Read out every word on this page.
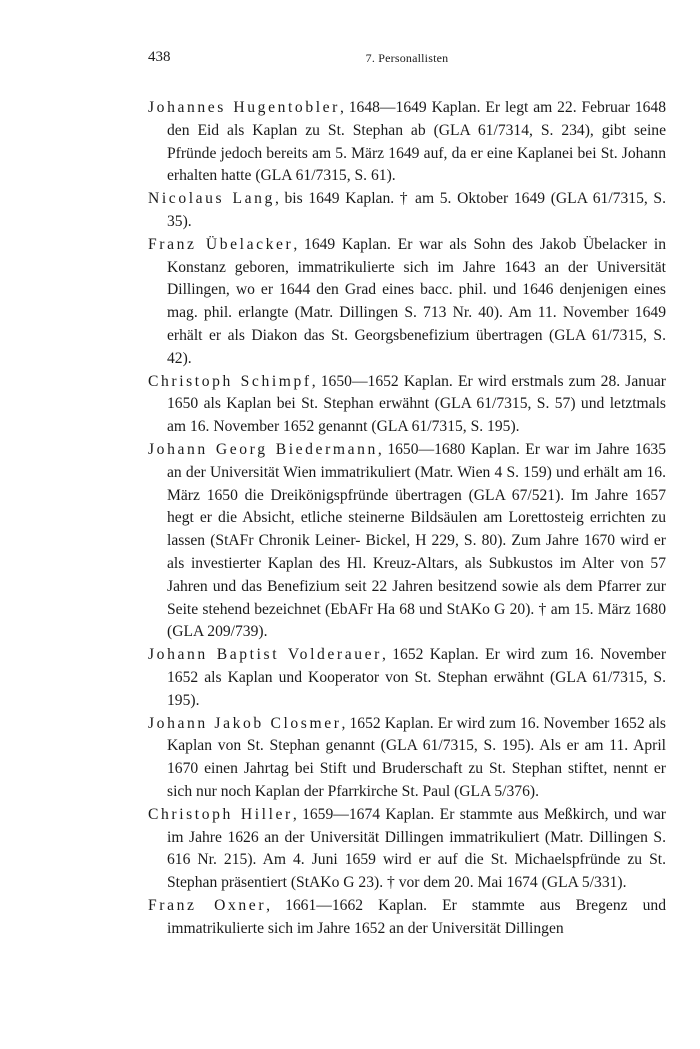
438	7. Personallisten

Johannes Hugentobler, 1648—1649 Kaplan. Er legt am 22. Februar 1648 den Eid als Kaplan zu St. Stephan ab (GLA 61/7314, S. 234), gibt seine Pfründe jedoch bereits am 5. März 1649 auf, da er eine Kaplanei bei St. Johann erhalten hatte (GLA 61/7315, S. 61).

Nicolaus Lang, bis 1649 Kaplan. † am 5. Oktober 1649 (GLA 61/7315, S. 35).

Franz Übelacker, 1649 Kaplan. Er war als Sohn des Jakob Übelacker in Konstanz geboren, immatrikulierte sich im Jahre 1643 an der Universität Dillingen, wo er 1644 den Grad eines bacc. phil. und 1646 denjenigen eines mag. phil. erlangte (Matr. Dillingen S. 713 Nr. 40). Am 11. November 1649 erhält er als Diakon das St. Georgsbenefizium übertragen (GLA 61/7315, S. 42).

Christoph Schimpf, 1650—1652 Kaplan. Er wird erstmals zum 28. Januar 1650 als Kaplan bei St. Stephan erwähnt (GLA 61/7315, S. 57) und letztmals am 16. November 1652 genannt (GLA 61/7315, S. 195).

Johann Georg Biedermann, 1650—1680 Kaplan. Er war im Jahre 1635 an der Universität Wien immatrikuliert (Matr. Wien 4 S. 159) und erhält am 16. März 1650 die Dreikönigspfründe übertragen (GLA 67/521). Im Jahre 1657 hegt er die Absicht, etliche steinerne Bildsäulen am Lorettosteig errichten zu lassen (StAFr Chronik Leiner- Bickel, H 229, S. 80). Zum Jahre 1670 wird er als investierter Kaplan des Hl. Kreuz-Altars, als Subkustos im Alter von 57 Jahren und das Benefizium seit 22 Jahren besitzend sowie als dem Pfarrer zur Seite stehend bezeichnet (EbAFr Ha 68 und StAKo G 20). † am 15. März 1680 (GLA 209/739).

Johann Baptist Volderauer, 1652 Kaplan. Er wird zum 16. November 1652 als Kaplan und Kooperator von St. Stephan erwähnt (GLA 61/7315, S. 195).

Johann Jakob Closmer, 1652 Kaplan. Er wird zum 16. November 1652 als Kaplan von St. Stephan genannt (GLA 61/7315, S. 195). Als er am 11. April 1670 einen Jahrtag bei Stift und Bruderschaft zu St. Stephan stiftet, nennt er sich nur noch Kaplan der Pfarrkirche St. Paul (GLA 5/376).

Christoph Hiller, 1659—1674 Kaplan. Er stammte aus Meßkirch, und war im Jahre 1626 an der Universität Dillingen immatrikuliert (Matr. Dillingen S. 616 Nr. 215). Am 4. Juni 1659 wird er auf die St. Michaelspfründe zu St. Stephan präsentiert (StAKo G 23). † vor dem 20. Mai 1674 (GLA 5/331).

Franz Oxner, 1661—1662 Kaplan. Er stammte aus Bregenz und immatrikulierte sich im Jahre 1652 an der Universität Dillingen
